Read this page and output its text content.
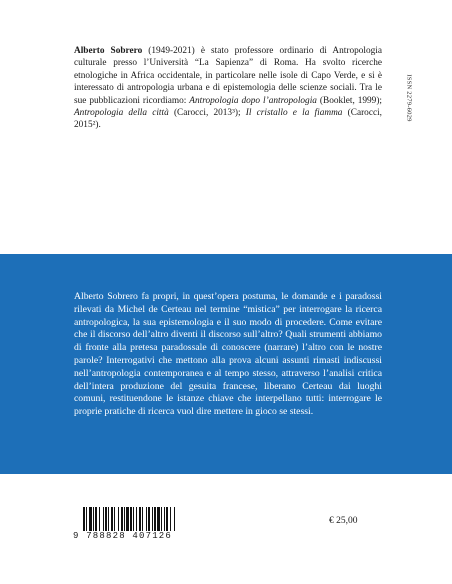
Alberto Sobrero (1949-2021) è stato professore ordinario di Antropologia culturale presso l’Università “La Sapienza” di Roma. Ha svolto ricerche etnologiche in Africa occidentale, in particolare nelle isole di Capo Verde, e si è interessato di antropologia urbana e di epistemologia delle scienze sociali. Tra le sue pubblicazioni ricordiamo: Antropologia dopo l’antropologia (Booklet, 1999); Antropologia della città (Carocci, 2013³); Il cristallo e la fiamma (Carocci, 2015²).

ISSN 2279-6029

Alberto Sobrero fa propri, in quest’opera postuma, le domande e i paradossi rilevati da Michel de Certeau nel termine “mistica” per interrogare la ricerca antropologica, la sua epistemologia e il suo modo di procedere. Come evitare che il discorso dell’altro diventi il discorso sull’altro? Quali strumenti abbiamo di fronte alla pretesa paradossale di conoscere (narrare) l’altro con le nostre parole? Interrogativi che mettono alla prova alcuni assunti rimasti indiscussi nell’antropologia contemporanea e al tempo stesso, attraverso l’analisi critica dell’intera produzione del gesuita francese, liberano Certeau dai luoghi comuni, restituendone le istanze chiave che interpellano tutti: interrogare le proprie pratiche di ricerca vuol dire mettere in gioco se stessi.

9 788828 407126
€ 25,00
